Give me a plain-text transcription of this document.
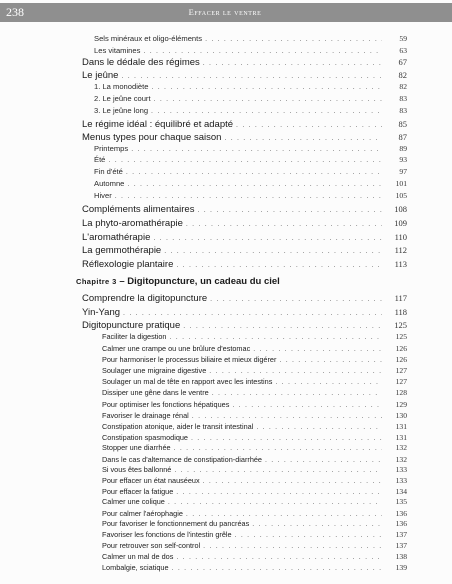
238	Effacer le ventre
Sels minéraux et oligo-éléments . . .	59
Les vitamines . . .	63
Dans le dédale des régimes . . .	67
Le jeûne . . .	82
1. La monodiète . . .	82
2. Le jeûne court . . .	83
3. Le jeûne long . . .	83
Le régime idéal : équilibré et adapté . . .	85
Menus types pour chaque saison . . .	87
Printemps . . .	89
Été . . .	93
Fin d'été . . .	97
Automne . . .	101
Hiver . . .	105
Compléments alimentaires . . .	108
La phyto-aromathérapie . . .	109
L'aromathérapie . . .	110
La gemmothérapie . . .	112
Réflexologie plantaire . . .	113
Chapitre 3 – Digitopuncture, un cadeau du ciel
Comprendre la digitopuncture . . .	117
Yin-Yang . . .	118
Digitopuncture pratique . . .	125
Faciliter la digestion . . .	125
Calmer une crampe ou une brûlure d'estomac . . .	126
Pour harmoniser le processus biliaire et mieux digérer . . .	126
Soulager une migraine digestive . . .	127
Soulager un mal de tête en rapport avec les intestins . . .	127
Dissiper une gêne dans le ventre . . .	128
Pour optimiser les fonctions hépatiques . . .	129
Favoriser le drainage rénal . . .	130
Constipation atonique, aider le transit intestinal . . .	131
Constipation spasmodique . . .	131
Stopper une diarrhée . . .	132
Dans le cas d'alternance de constipation-diarrhée . . .	132
Si vous êtes ballonné . . .	133
Pour effacer un état nauséeux . . .	133
Pour effacer la fatigue . . .	134
Calmer une colique . . .	135
Pour calmer l'aérophagie . . .	136
Pour favoriser le fonctionnement du pancréas . . .	136
Favoriser les fonctions de l'intestin grêle . . .	137
Pour retrouver son self-control . . .	137
Calmer un mal de dos . . .	138
Lombalgie, sciatique . . .	139
